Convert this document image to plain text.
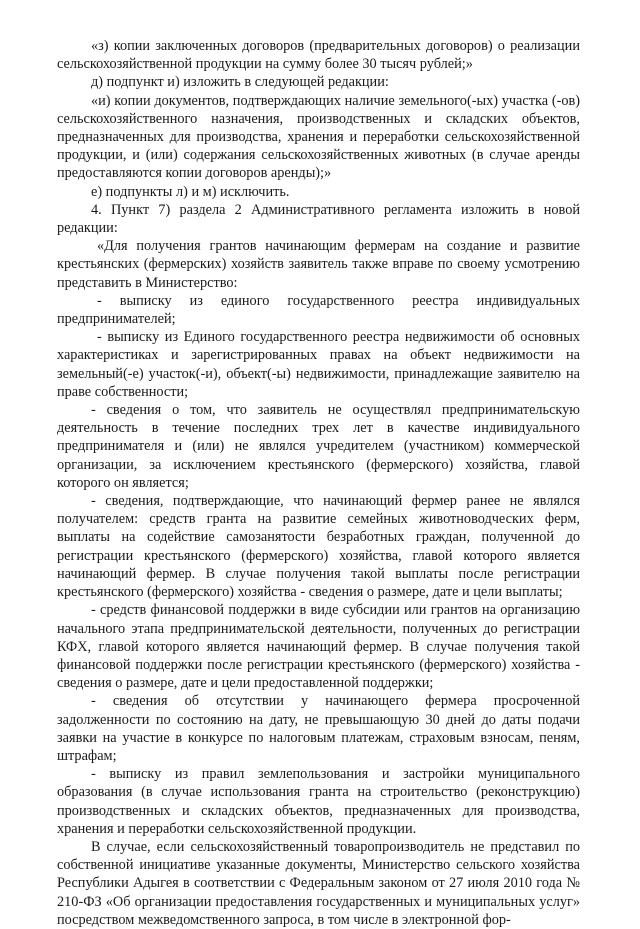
«з) копии заключенных договоров (предварительных договоров) о реализации сельскохозяйственной продукции на сумму более 30 тысяч рублей;»

д) подпункт и) изложить в следующей редакции:

«и) копии документов, подтверждающих наличие земельного(-ых) участка (-ов) сельскохозяйственного назначения, производственных и складских объектов, предназначенных для производства, хранения и переработки сельскохозяйственной продукции, и (или) содержания сельскохозяйственных животных (в случае аренды предоставляются копии договоров аренды);»

е) подпункты л) и м) исключить.

4. Пункт 7) раздела 2 Административного регламента изложить в новой редакции:

«Для получения грантов начинающим фермерам на создание и развитие крестьянских (фермерских) хозяйств заявитель также вправе по своему усмотрению представить в Министерство:

- выписку из единого государственного реестра индивидуальных предпринимателей;

- выписку из Единого государственного реестра недвижимости об основных характеристиках и зарегистрированных правах на объект недвижимости на земельный(-е) участок(-и), объект(-ы) недвижимости, принадлежащие заявителю на праве собственности;

- сведения о том, что заявитель не осуществлял предпринимательскую деятельность в течение последних трех лет в качестве индивидуального предпринимателя и (или) не являлся учредителем (участником) коммерческой организации, за исключением крестьянского (фермерского) хозяйства, главой которого он является;

- сведения, подтверждающие, что начинающий фермер ранее не являлся получателем: средств гранта на развитие семейных животноводческих ферм, выплаты на содействие самозанятости безработных граждан, полученной до регистрации крестьянского (фермерского) хозяйства, главой которого является начинающий фермер. В случае получения такой выплаты после регистрации крестьянского (фермерского) хозяйства - сведения о размере, дате и цели выплаты;

- средств финансовой поддержки в виде субсидии или грантов на организацию начального этапа предпринимательской деятельности, полученных до регистрации КФХ, главой которого является начинающий фермер. В случае получения такой финансовой поддержки после регистрации крестьянского (фермерского) хозяйства - сведения о размере, дате и цели предоставленной поддержки;

- сведения об отсутствии у начинающего фермера просроченной задолженности по состоянию на дату, не превышающую 30 дней до даты подачи заявки на участие в конкурсе по налоговым платежам, страховым взносам, пеням, штрафам;

- выписку из правил землепользования и застройки муниципального образования (в случае использования гранта на строительство (реконструкцию) производственных и складских объектов, предназначенных для производства, хранения и переработки сельскохозяйственной продукции.

В случае, если сельскохозяйственный товаропроизводитель не представил по собственной инициативе указанные документы, Министерство сельского хозяйства Республики Адыгея в соответствии с Федеральным законом от 27 июля 2010 года № 210-ФЗ «Об организации предоставления государственных и муниципальных услуг» посредством межведомственного запроса, в том числе в электронной фор-
